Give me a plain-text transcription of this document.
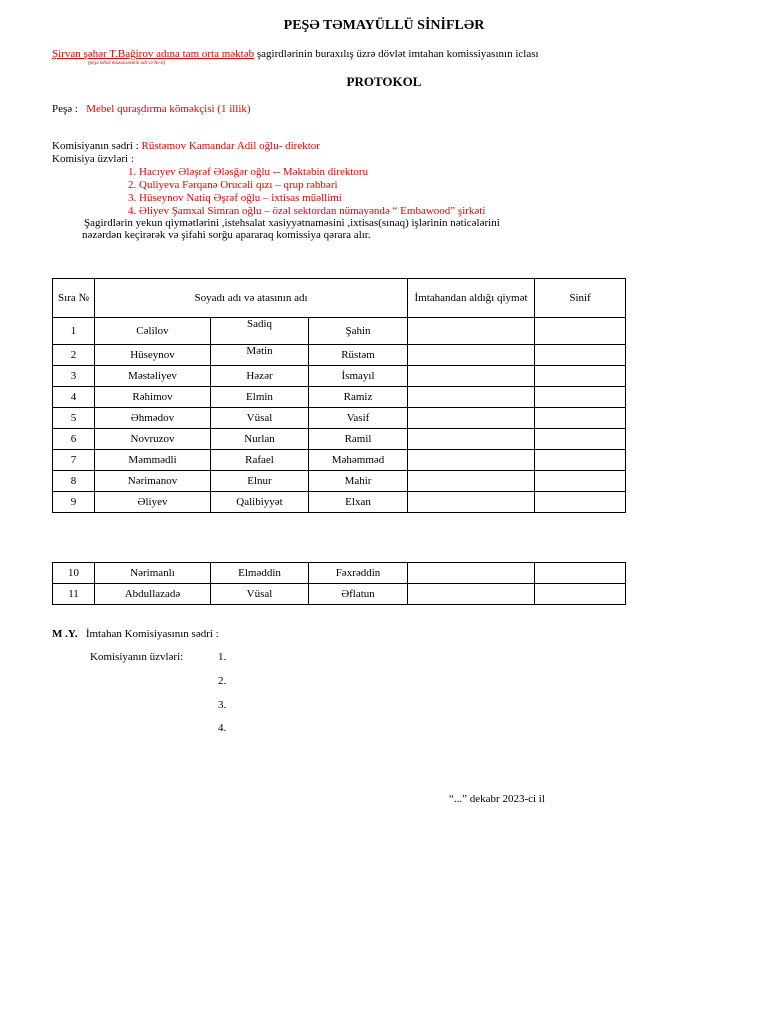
PEŞƏ TƏMAYÜLLÜ SİNİFLƏR
Şirvan şəhər T.Bağirov adına tam orta məktəb şagirdlərinin buraxılış üzrə dövlət imtahan komissiyasının iclası
(peşə təhsil müəssisəsinin adı və №-si)
PROTOKOL
Peşə : Mebel quraşdırma köməkçisi (1 illik)
Komisiyanın sədri : Rüstəmov Kamandar Adil oğlu- direktor
Komisiya üzvləri :
1. Hacıyev Ələşrəf Ələsğər oğlu -- Məktəbin direktoru
2. Quliyeva Fərqanə Orucəli qızı – qrup rəhbəri
3. Hüseynov Natiq Əşrəf oğlu – ixtisas müəllimi
4. Əliyev Şamxal Simran oğlu – özəl sektordan nümayəndə “ Embawood” şirkəti
Şagirdlərin yekun qiymətlərini ,istehsalat xasiyyətnaməsini ,ixtisas(sınaq) işlərinin nəticələrini
nəzərdən keçirərək və şifahi sorğu apararaq komissiya qərara alır.
Sıra №	Soyadı adı və atasının adı			İmtahandan aldığı qiymət	Sinif
1	Cəlilov	Sadiq	Şahin		
2	Hüseynov	Mətin	Rüstəm		
3	Məstəliyev	Həzər	İsmayıl		
4	Rəhimov	Elmin	Ramiz		
5	Əhmədov	Vüsal	Vasif		
6	Novruzov	Nurlan	Ramil		
7	Məmmədli	Rafael	Məhəmməd		
8	Nərimanov	Elnur	Mahir		
9	Əliyev	Qalibiyyət	Elxan		
10	Nərimanlı	Elməddin	Fəxrəddin		
11	Abdullazadə	Vüsal	Əflatun		
M .Y. İmtahan Komisiyasının sədri :
Komisiyanın üzvləri:	1.
2.
3.
4.
“...” dekabr 2023-ci il
